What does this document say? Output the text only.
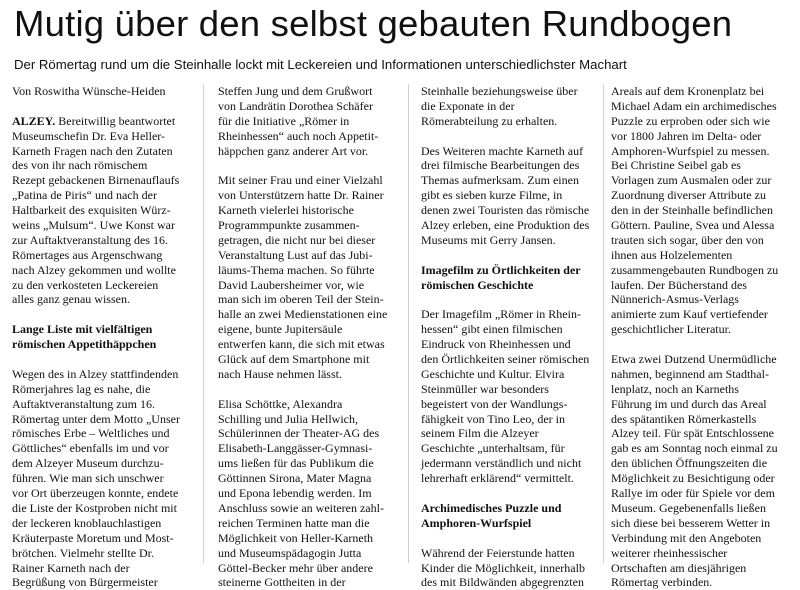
Mutig über den selbst gebauten Rundbogen
Der Römertag rund um die Steinhalle lockt mit Leckereien und Informationen unterschiedlichster Machart
Von Roswitha Wünsche-Heiden
ALZEY. Bereitwillig beantwortet
Museumschefin Dr. Eva Heller-
Karneth Fragen nach den Zutaten
des von ihr nach römischem
Rezept gebackenen Birnenauflaufs
„Patina de Piris“ und nach der
Haltbarkeit des exquisiten Würz-
weins „Mulsum“. Uwe Konst war
zur Auftaktveranstaltung des 16.
Römertages aus Argenschwang
nach Alzey gekommen und wollte
zu den verkosteten Leckereien
alles ganz genau wissen.
Lange Liste mit vielfältigen
römischen Appetithäppchen
Wegen des in Alzey stattfindenden
Römerjahres lag es nahe, die
Auftaktveranstaltung zum 16.
Römertag unter dem Motto „Unser
römisches Erbe – Weltliches und
Göttliches“ ebenfalls im und vor
dem Alzeyer Museum durchzu-
führen. Wie man sich unschwer
vor Ort überzeugen konnte, endete
die Liste der Kostproben nicht mit
der leckeren knoblauchlastigen
Kräuterpaste Moretum und Most-
brötchen. Vielmehr stellte Dr.
Rainer Karneth nach der
Begrüßung von Bürgermeister
Steffen Jung und dem Grußwort
von Landrätin Dorothea Schäfer
für die Initiative „Römer in
Rheinhessen“ auch noch Appetit-
häppchen ganz anderer Art vor.
Mit seiner Frau und einer Vielzahl
von Unterstützern hatte Dr. Rainer
Karneth vielerlei historische
Programmpunkte zusammen-
getragen, die nicht nur bei dieser
Veranstaltung Lust auf das Jubi-
läums-Thema machen. So führte
David Laubersheimer vor, wie
man sich im oberen Teil der Stein-
halle an zwei Medienstationen eine
eigene, bunte Jupitersäule
entwerfen kann, die sich mit etwas
Glück auf dem Smartphone mit
nach Hause nehmen lässt.
Elisa Schöttke, Alexandra
Schilling und Julia Hellwich,
Schülerinnen der Theater-AG des
Elisabeth-Langgässer-Gymnasi-
ums ließen für das Publikum die
Göttinnen Sirona, Mater Magna
und Epona lebendig werden. Im
Anschluss sowie an weiteren zahl-
reichen Terminen hatte man die
Möglichkeit von Heller-Karneth
und Museumspädagogin Jutta
Göttel-Becker mehr über andere
steinerne Gottheiten in der
Steinhalle beziehungsweise über
die Exponate in der
Römerabteilung zu erhalten.
Des Weiteren machte Karneth auf
drei filmische Bearbeitungen des
Themas aufmerksam. Zum einen
gibt es sieben kurze Filme, in
denen zwei Touristen das römische
Alzey erleben, eine Produktion des
Museums mit Gerry Jansen.
Imagefilm zu Örtlichkeiten der
römischen Geschichte
Der Imagefilm „Römer in Rhein-
hessen“ gibt einen filmischen
Eindruck von Rheinhessen und
den Örtlichkeiten seiner römischen
Geschichte und Kultur. Elvira
Steinmüller war besonders
begeistert von der Wandlungs-
fähigkeit von Tino Leo, der in
seinem Film die Alzeyer
Geschichte „unterhaltsam, für
jedermann verständlich und nicht
lehrerhaft erklärend“ vermittelt.
Archimedisches Puzzle und
Amphoren-Wurfspiel
Während der Feierstunde hatten
Kinder die Möglichkeit, innerhalb
des mit Bildwänden abgegrenzten
Areals auf dem Kronenplatz bei
Michael Adam ein archimedisches
Puzzle zu erproben oder sich wie
vor 1800 Jahren im Delta- oder
Amphoren-Wurfspiel zu messen.
Bei Christine Seibel gab es
Vorlagen zum Ausmalen oder zur
Zuordnung diverser Attribute zu
den in der Steinhalle befindlichen
Göttern. Pauline, Svea und Alessa
trauten sich sogar, über den von
ihnen aus Holzelementen
zusammengebauten Rundbogen zu
laufen. Der Bücherstand des
Nünnerich-Asmus-Verlags
animierte zum Kauf vertiefender
geschichtlicher Literatur.
Etwa zwei Dutzend Unermüdliche
nahmen, beginnend am Stadthal-
lenplatz, noch an Karneths
Führung im und durch das Areal
des spätantiken Römerkastells
Alzey teil. Für spät Entschlossene
gab es am Sonntag noch einmal zu
den üblichen Öffnungszeiten die
Möglichkeit zu Besichtigung oder
Rallye im oder für Spiele vor dem
Museum. Gegebenenfalls ließen
sich diese bei besserem Wetter in
Verbindung mit den Angeboten
weiterer rheinhessischer
Ortschaften am diesjährigen
Römertag verbinden.
